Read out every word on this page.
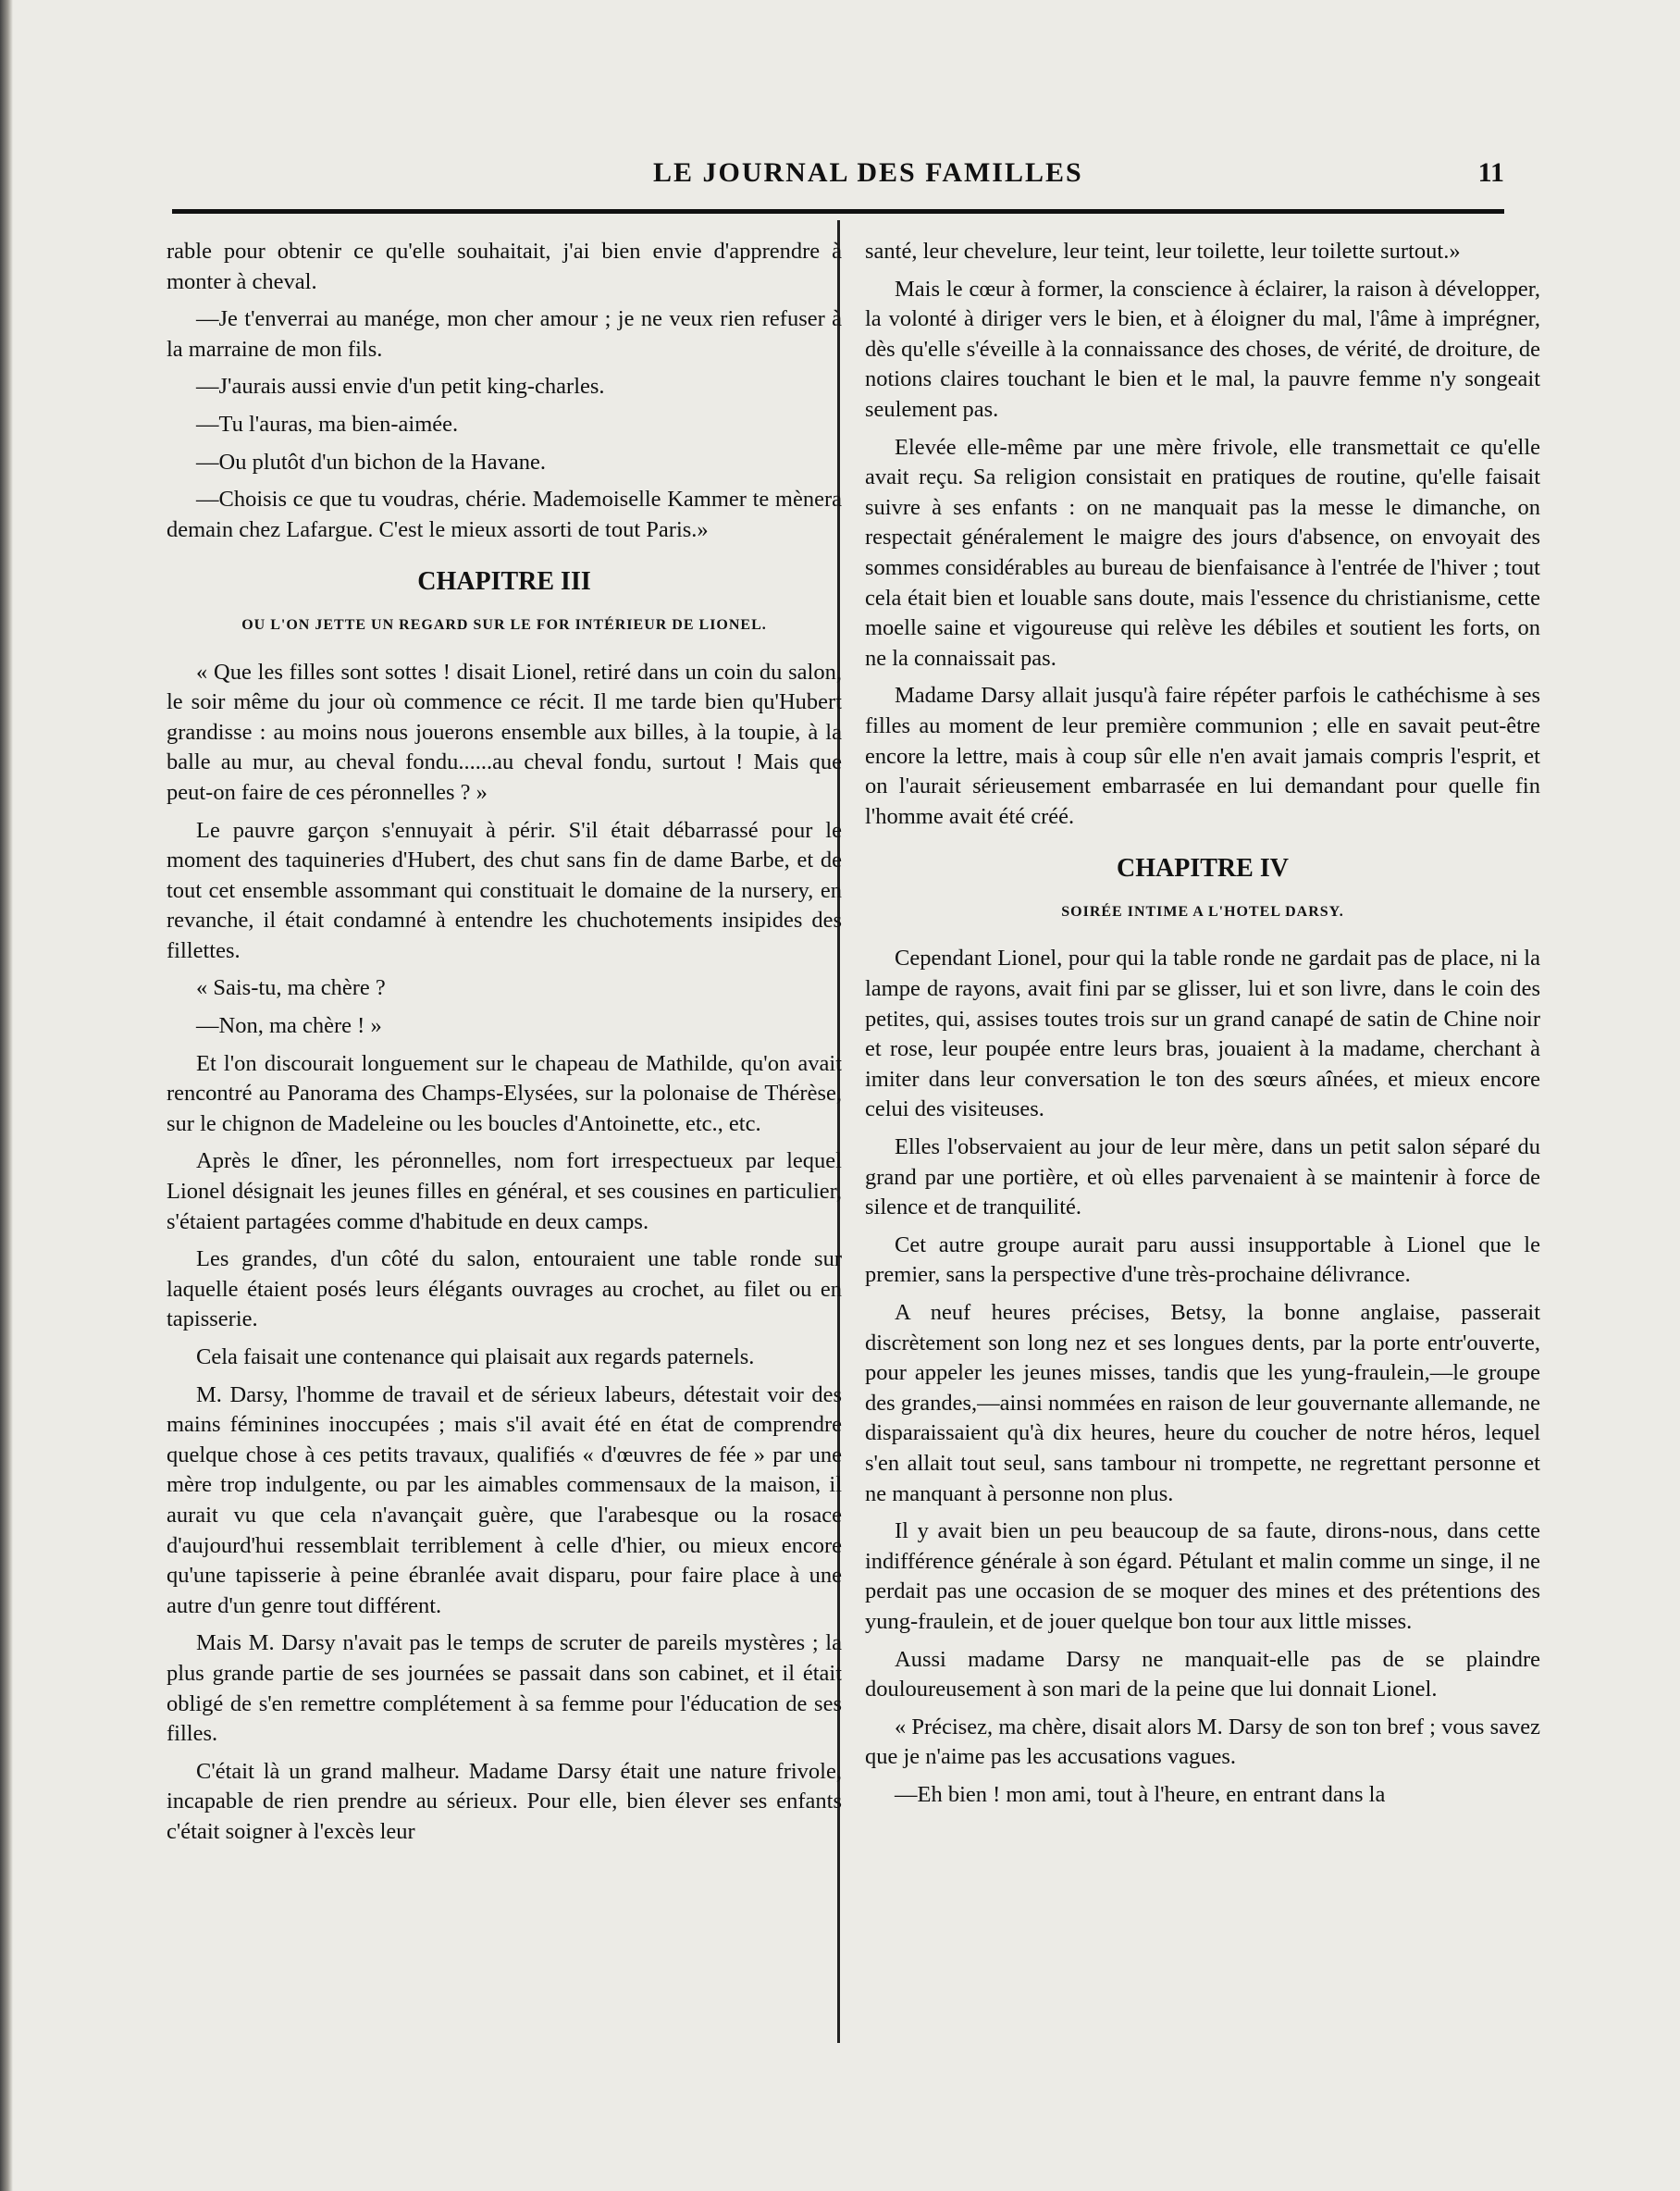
LE JOURNAL DES FAMILLES	11

rable pour obtenir ce qu'elle souhaitait, j'ai bien envie d'apprendre à monter à cheval.

—Je t'enverrai au manége, mon cher amour ; je ne veux rien refuser à la marraine de mon fils.

—J'aurais aussi envie d'un petit king-charles.

—Tu l'auras, ma bien-aimée.

—Ou plutôt d'un bichon de la Havane.

—Choisis ce que tu voudras, chérie. Mademoiselle Kammer te mènera demain chez Lafargue. C'est le mieux assorti de tout Paris.»

CHAPITRE III
OU L'ON JETTE UN REGARD SUR LE FOR INTÉRIEUR DE LIONEL.

« Que les filles sont sottes ! disait Lionel, retiré dans un coin du salon, le soir même du jour où commence ce récit. Il me tarde bien qu'Hubert grandisse : au moins nous jouerons ensemble aux billes, à la toupie, à la balle au mur, au cheval fondu......au cheval fondu, surtout ! Mais que peut-on faire de ces péronnelles ? »

Le pauvre garçon s'ennuyait à périr. S'il était débarrassé pour le moment des taquineries d'Hubert, des chut sans fin de dame Barbe, et de tout cet ensemble assommant qui constituait le domaine de la nursery, en revanche, il était condamné à entendre les chuchotements insipides des fillettes.

« Sais-tu, ma chère ?

—Non, ma chère ! »

Et l'on discourait longuement sur le chapeau de Mathilde, qu'on avait rencontré au Panorama des Champs-Elysées, sur la polonaise de Thérèse, sur le chignon de Madeleine ou les boucles d'Antoinette, etc., etc.

Après le dîner, les péronnelles, nom fort irrespectueux par lequel Lionel désignait les jeunes filles en général, et ses cousines en particulier, s'étaient partagées comme d'habitude en deux camps.

Les grandes, d'un côté du salon, entouraient une table ronde sur laquelle étaient posés leurs élégants ouvrages au crochet, au filet ou en tapisserie.

Cela faisait une contenance qui plaisait aux regards paternels.

M. Darsy, l'homme de travail et de sérieux labeurs, détestait voir des mains féminines inoccupées ; mais s'il avait été en état de comprendre quelque chose à ces petits travaux, qualifiés « d'œuvres de fée » par une mère trop indulgente, ou par les aimables commensaux de la maison, il aurait vu que cela n'avançait guère, que l'arabesque ou la rosace d'aujourd'hui ressemblait terriblement à celle d'hier, ou mieux encore qu'une tapisserie à peine ébranlée avait disparu, pour faire place à une autre d'un genre tout différent.

Mais M. Darsy n'avait pas le temps de scruter de pareils mystères ; la plus grande partie de ses journées se passait dans son cabinet, et il était obligé de s'en remettre complétement à sa femme pour l'éducation de ses filles.

C'était là un grand malheur. Madame Darsy était une nature frivole, incapable de rien prendre au sérieux. Pour elle, bien élever ses enfants c'était soigner à l'excès leur

santé, leur chevelure, leur teint, leur toilette, leur toilette surtout.»

Mais le cœur à former, la conscience à éclairer, la raison à développer, la volonté à diriger vers le bien, et à éloigner du mal, l'âme à imprégner, dès qu'elle s'éveille à la connaissance des choses, de vérité, de droiture, de notions claires touchant le bien et le mal, la pauvre femme n'y songeait seulement pas.

Elevée elle-même par une mère frivole, elle transmettait ce qu'elle avait reçu. Sa religion consistait en pratiques de routine, qu'elle faisait suivre à ses enfants : on ne manquait pas la messe le dimanche, on respectait généralement le maigre des jours d'absence, on envoyait des sommes considérables au bureau de bienfaisance à l'entrée de l'hiver ; tout cela était bien et louable sans doute, mais l'essence du christianisme, cette moelle saine et vigoureuse qui relève les débiles et soutient les forts, on ne la connaissait pas.

Madame Darsy allait jusqu'à faire répéter parfois le cathéchisme à ses filles au moment de leur première communion ; elle en savait peut-être encore la lettre, mais à coup sûr elle n'en avait jamais compris l'esprit, et on l'aurait sérieusement embarrasée en lui demandant pour quelle fin l'homme avait été créé.

CHAPITRE IV
SOIRÉE INTIME A L'HOTEL DARSY.

Cependant Lionel, pour qui la table ronde ne gardait pas de place, ni la lampe de rayons, avait fini par se glisser, lui et son livre, dans le coin des petites, qui, assises toutes trois sur un grand canapé de satin de Chine noir et rose, leur poupée entre leurs bras, jouaient à la madame, cherchant à imiter dans leur conversation le ton des sœurs aînées, et mieux encore celui des visiteuses.

Elles l'observaient au jour de leur mère, dans un petit salon séparé du grand par une portière, et où elles parvenaient à se maintenir à force de silence et de tranquilité.

Cet autre groupe aurait paru aussi insupportable à Lionel que le premier, sans la perspective d'une très-prochaine délivrance.

A neuf heures précises, Betsy, la bonne anglaise, passerait discrètement son long nez et ses longues dents, par la porte entr'ouverte, pour appeler les jeunes misses, tandis que les yung-fraulein,—le groupe des grandes,—ainsi nommées en raison de leur gouvernante allemande, ne disparaissaient qu'à dix heures, heure du coucher de notre héros, lequel s'en allait tout seul, sans tambour ni trompette, ne regrettant personne et ne manquant à personne non plus.

Il y avait bien un peu beaucoup de sa faute, dirons-nous, dans cette indifférence générale à son égard. Pétulant et malin comme un singe, il ne perdait pas une occasion de se moquer des mines et des prétentions des yung-fraulein, et de jouer quelque bon tour aux little misses.

Aussi madame Darsy ne manquait-elle pas de se plaindre douloureusement à son mari de la peine que lui donnait Lionel.

« Précisez, ma chère, disait alors M. Darsy de son ton bref ; vous savez que je n'aime pas les accusations vagues.

—Eh bien ! mon ami, tout à l'heure, en entrant dans la
